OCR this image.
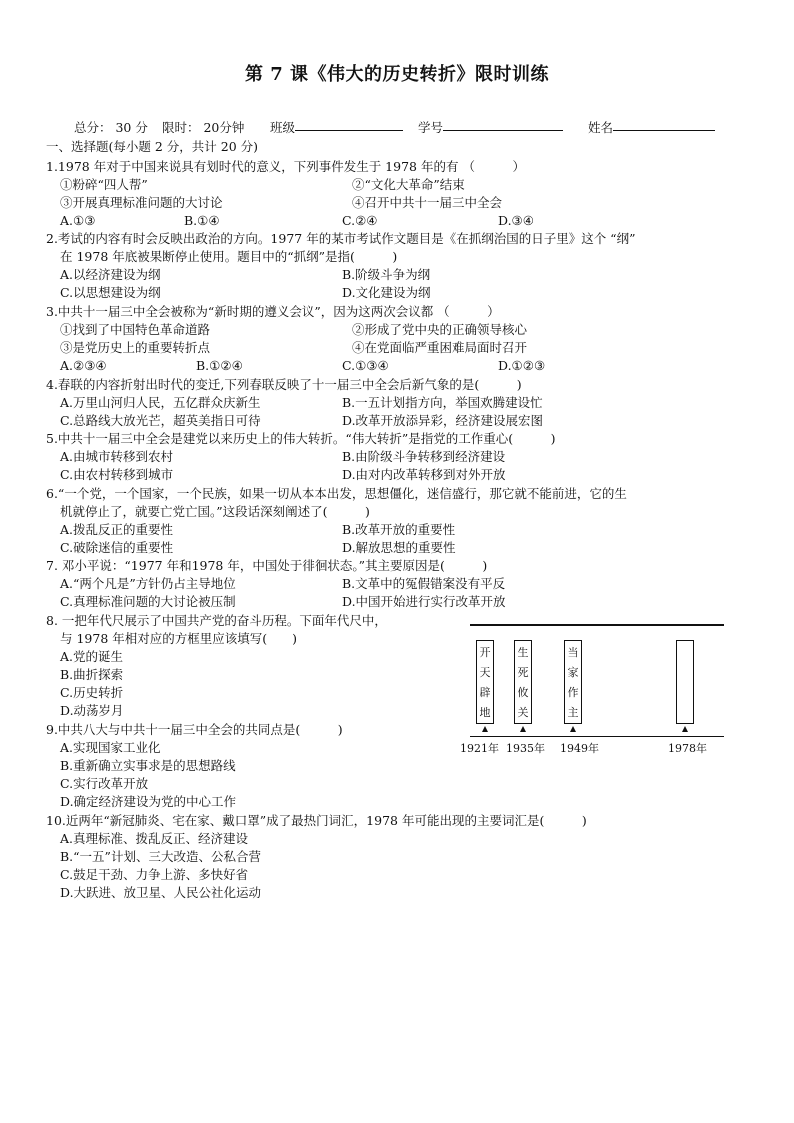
第 7 课《伟大的历史转折》限时训练
总分： 30 分 限时： 20分钟 班级	学号	姓名
一、选择题(每小题 2 分，共计 20 分)
1.1978 年对于中国来说具有划时代的意义，下列事件发生于 1978 年的有 （　　　）
①粉碎“四人帮”	②“文化大革命”结束
③开展真理标准问题的大讨论	④召开中共十一届三中全会
A.①③	B.①④	C.②④	D.③④
2.考试的内容有时会反映出政治的方向。1977 年的某市考试作文题目是《在抓纲治国的日子里》这个 “纲”
在 1978 年底被果断停止使用。题目中的“抓纲”是指(　　　)
A.以经济建设为纲	B.阶级斗争为纲
C.以思想建设为纲	D.文化建设为纲
3.中共十一届三中全会被称为“新时期的遵义会议”，因为这两次会议都 （　　　）
①找到了中国特色革命道路	②形成了党中央的正确领导核心
③是党历史上的重要转折点	④在党面临严重困难局面时召开
A.②③④	B.①②④	C.①③④	D.①②③
4.春联的内容折射出时代的变迁,下列春联反映了十一届三中全会后新气象的是(　　　)
A.万里山河归人民，五亿群众庆新生	B.一五计划指方向，举国欢腾建设忙
C.总路线大放光芒，超英美指日可待	D.改革开放添异彩，经济建设展宏图
5.中共十一届三中全会是建党以来历史上的伟大转折。“伟大转折”是指党的工作重心(　　　)
A.由城市转移到农村	B.由阶级斗争转移到经济建设
C.由农村转移到城市	D.由对内改革转移到对外开放
6.“一个党，一个国家，一个民族，如果一切从本本出发，思想僵化，迷信盛行，那它就不能前进，它的生
机就停止了，就要亡党亡国。”这段话深刻阐述了(　　　)
A.拨乱反正的重要性	B.改革开放的重要性
C.破除迷信的重要性	D.解放思想的重要性
7. 邓小平说：“1977 年和1978 年，中国处于徘徊状态。”其主要原因是(　　　)
A.“两个凡是”方针仍占主导地位	B.文革中的冤假错案没有平反
C.真理标准问题的大讨论被压制	D.中国开始进行实行改革开放
8. 一把年代尺展示了中国共产党的奋斗历程。下面年代尺中，
与 1978 年相对应的方框里应该填写(　　)
A.党的诞生
B.曲折探索
C.历史转折
D.动荡岁月
开天辟地
生死攸关
当家作主
1921年 1935年 1949年	1978年
9.中共八大与中共十一届三中全会的共同点是(　　　)
A.实现国家工业化
B.重新确立实事求是的思想路线
C.实行改革开放
D.确定经济建设为党的中心工作
10.近两年“新冠肺炎、宅在家、戴口罩”成了最热门词汇，1978 年可能出现的主要词汇是(　　　)
A.真理标准、拨乱反正、经济建设
B.“一五”计划、三大改造、公私合营
C.鼓足干劲、力争上游、多快好省
D.大跃进、放卫星、人民公社化运动
